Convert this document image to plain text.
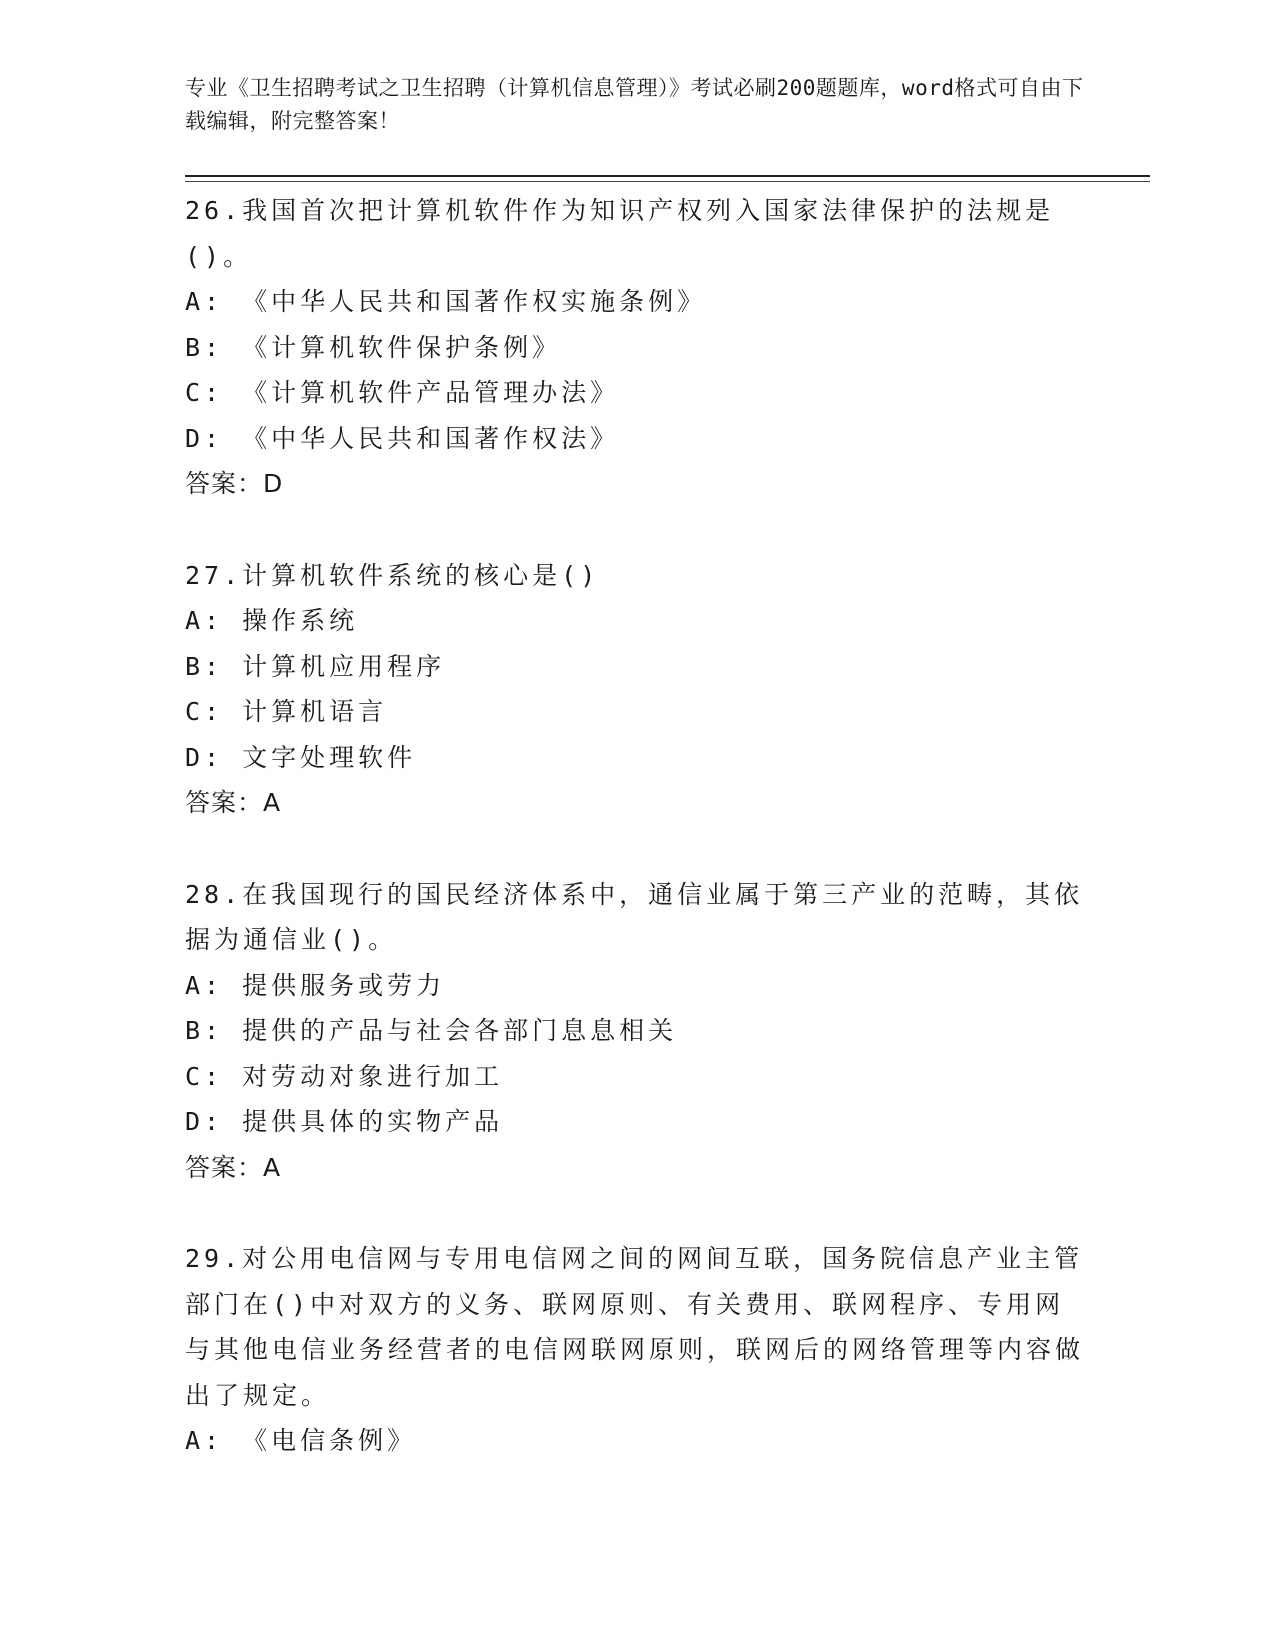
专业《卫生招聘考试之卫生招聘（计算机信息管理）》考试必刷200题题库，word格式可自由下载编辑，附完整答案！
26.我国首次把计算机软件作为知识产权列入国家法律保护的法规是()。
A: 《中华人民共和国著作权实施条例》
B: 《计算机软件保护条例》
C: 《计算机软件产品管理办法》
D: 《中华人民共和国著作权法》
答案：D
27.计算机软件系统的核心是()
A: 操作系统
B: 计算机应用程序
C: 计算机语言
D: 文字处理软件
答案：A
28.在我国现行的国民经济体系中，通信业属于第三产业的范畴，其依据为通信业()。
A: 提供服务或劳力
B: 提供的产品与社会各部门息息相关
C: 对劳动对象进行加工
D: 提供具体的实物产品
答案：A
29.对公用电信网与专用电信网之间的网间互联，国务院信息产业主管部门在()中对双方的义务、联网原则、有关费用、联网程序、专用网与其他电信业务经营者的电信网联网原则，联网后的网络管理等内容做出了规定。
A: 《电信条例》
